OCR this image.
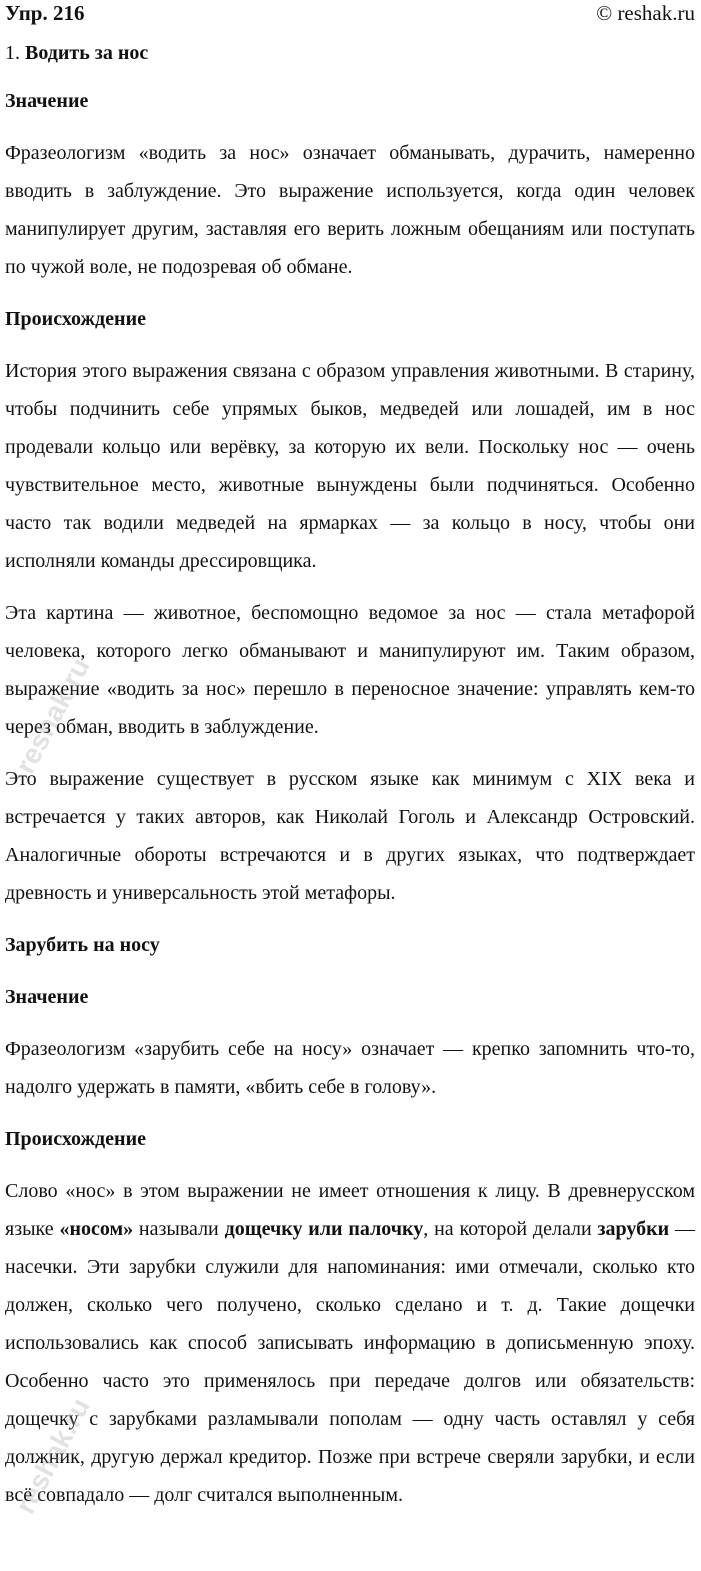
Упр. 216	© reshak.ru
1. Водить за нос
Значение

Фразеологизм «водить за нос» означает обманывать, дурачить, намеренно вводить в заблуждение. Это выражение используется, когда один человек манипулирует другим, заставляя его верить ложным обещаниям или поступать по чужой воле, не подозревая об обмане.

Происхождение

История этого выражения связана с образом управления животными. В старину, чтобы подчинить себе упрямых быков, медведей или лошадей, им в нос продевали кольцо или верёвку, за которую их вели. Поскольку нос — очень чувствительное место, животные вынуждены были подчиняться. Особенно часто так водили медведей на ярмарках — за кольцо в носу, чтобы они исполняли команды дрессировщика.

Эта картина — животное, беспомощно ведомое за нос — стала метафорой человека, которого легко обманывают и манипулируют им. Таким образом, выражение «водить за нос» перешло в переносное значение: управлять кем-то через обман, вводить в заблуждение.

Это выражение существует в русском языке как минимум с XIX века и встречается у таких авторов, как Николай Гоголь и Александр Островский. Аналогичные обороты встречаются и в других языках, что подтверждает древность и универсальность этой метафоры.

Зарубить на носу
Значение

Фразеологизм «зарубить себе на носу» означает — крепко запомнить что-то, надолго удержать в памяти, «вбить себе в голову».

Происхождение

Слово «нос» в этом выражении не имеет отношения к лицу. В древнерусском языке «носом» называли дощечку или палочку, на которой делали зарубки — насечки. Эти зарубки служили для напоминания: ими отмечали, сколько кто должен, сколько чего получено, сколько сделано и т. д. Такие дощечки использовались как способ записывать информацию в дописьменную эпоху. Особенно часто это применялось при передаче долгов или обязательств: дощечку с зарубками разламывали пополам — одну часть оставлял у себя должник, другую держал кредитор. Позже при встрече сверяли зарубки, и если всё совпадало — долг считался выполненным.

reshak.ru
reshak.ru
